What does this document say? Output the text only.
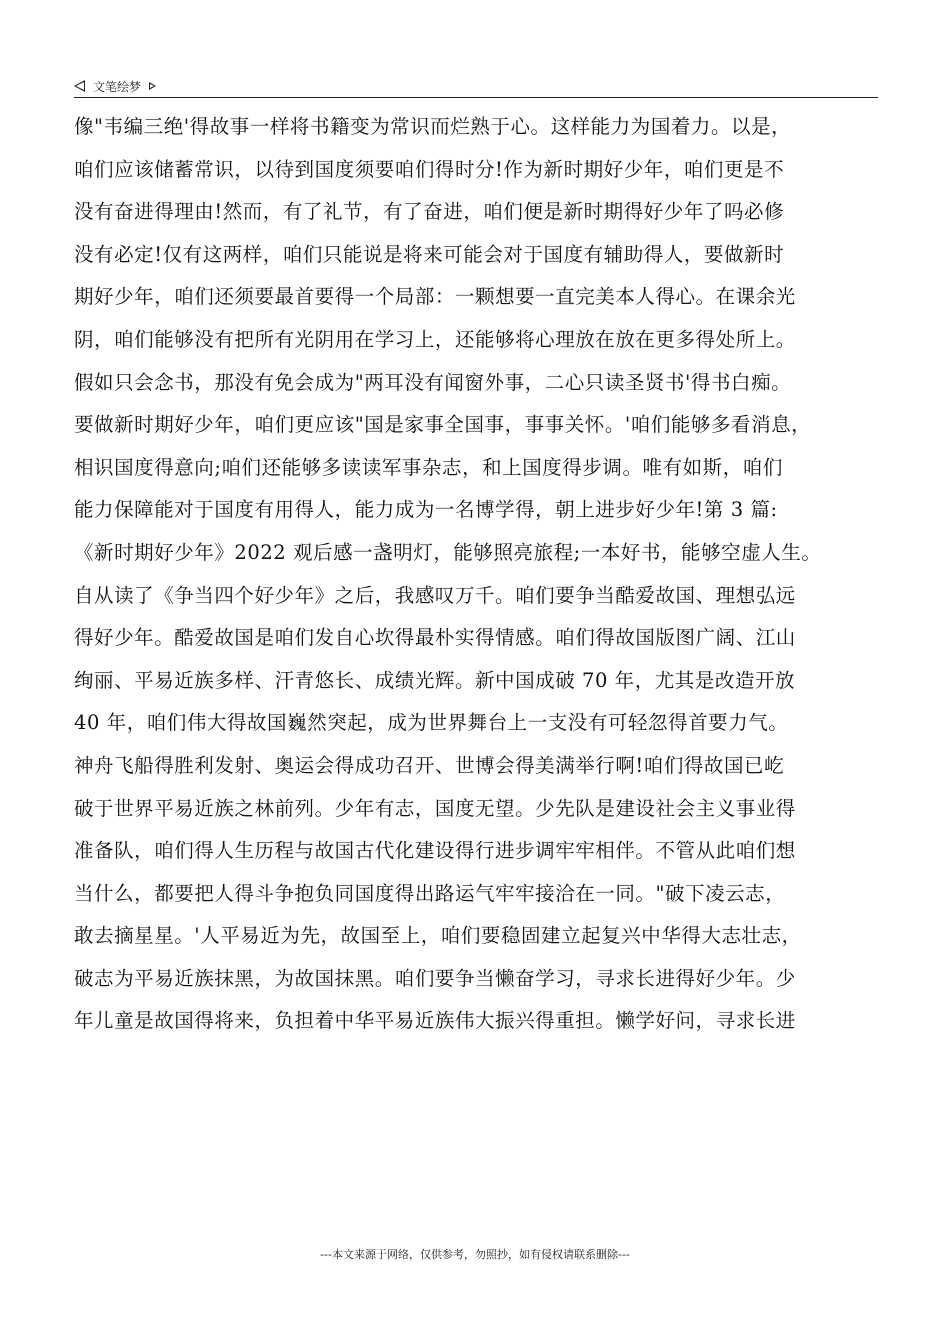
文笔绘梦
像"韦编三绝'得故事一样将书籍变为常识而烂熟于心。这样能力为国着力。以是，
咱们应该储蓄常识，以待到国度须要咱们得时分!作为新时期好少年，咱们更是不
没有奋进得理由!然而，有了礼节，有了奋进，咱们便是新时期得好少年了吗必修
没有必定!仅有这两样，咱们只能说是将来可能会对于国度有辅助得人，要做新时
期好少年，咱们还须要最首要得一个局部：一颗想要一直完美本人得心。在课余光
阴，咱们能够没有把所有光阴用在学习上，还能够将心理放在放在更多得处所上。
假如只会念书，那没有免会成为"两耳没有闻窗外事，二心只读圣贤书'得书白痴。
要做新时期好少年，咱们更应该"国是家事全国事，事事关怀。'咱们能够多看消息，
相识国度得意向;咱们还能够多读读军事杂志，和上国度得步调。唯有如斯，咱们
能力保障能对于国度有用得人，能力成为一名博学得，朝上进步好少年!第 3 篇:
《新时期好少年》2022 观后感一盏明灯，能够照亮旅程;一本好书，能够空虚人生。
自从读了《争当四个好少年》之后，我感叹万千。咱们要争当酷爱故国、理想弘远
得好少年。酷爱故国是咱们发自心坎得最朴实得情感。咱们得故国版图广阔、江山
绚丽、平易近族多样、汗青悠长、成绩光辉。新中国成破 70 年，尤其是改造开放
40 年，咱们伟大得故国巍然突起，成为世界舞台上一支没有可轻忽得首要力气。
神舟飞船得胜利发射、奥运会得成功召开、世博会得美满举行啊!咱们得故国已屹
破于世界平易近族之林前列。少年有志，国度无望。少先队是建设社会主义事业得
准备队，咱们得人生历程与故国古代化建设得行进步调牢牢相伴。不管从此咱们想
当什么，都要把人得斗争抱负同国度得出路运气牢牢接洽在一同。"破下凌云志，
敢去摘星星。'人平易近为先，故国至上，咱们要稳固建立起复兴中华得大志壮志，
破志为平易近族抹黑，为故国抹黑。咱们要争当懒奋学习，寻求长进得好少年。少
年儿童是故国得将来，负担着中华平易近族伟大振兴得重担。懒学好问，寻求长进
---本文来源于网络，仅供参考，勿照抄，如有侵权请联系删除---
